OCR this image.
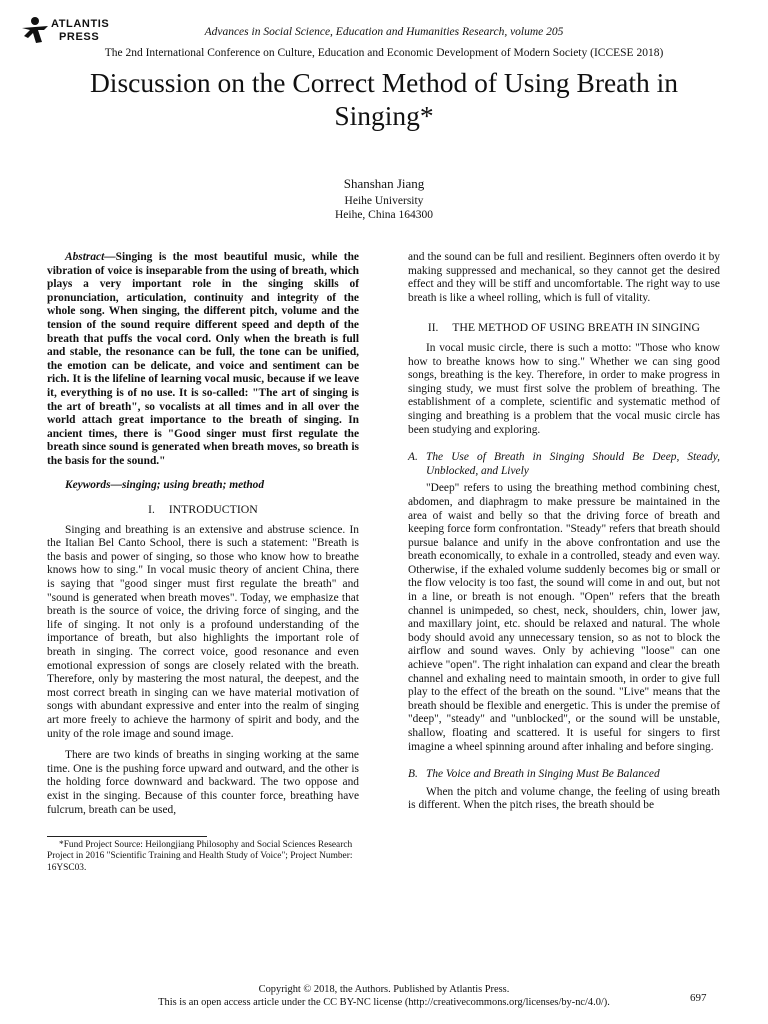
ATLANTIS
PRESS	Advances in Social Science, Education and Humanities Research, volume 205
The 2nd International Conference on Culture, Education and Economic Development of Modern Society (ICCESE 2018)
Discussion on the Correct Method of Using Breath in Singing*
Shanshan Jiang
Heihe University
Heihe, China 164300

Abstract—Singing is the most beautiful music, while the vibration of voice is inseparable from the using of breath, which plays a very important role in the singing skills of pronunciation, articulation, continuity and integrity of the whole song. When singing, the different pitch, volume and the tension of the sound require different speed and depth of the breath that puffs the vocal cord. Only when the breath is full and stable, the resonance can be full, the tone can be unified, the emotion can be delicate, and voice and sentiment can be rich. It is the lifeline of learning vocal music, because if we leave it, everything is of no use. It is so-called: "The art of singing is the art of breath", so vocalists at all times and in all over the world attach great importance to the breath of singing. In ancient times, there is "Good singer must first regulate the breath since sound is generated when breath moves, so breath is the basis for the sound."

Keywords—singing; using breath; method

I. INTRODUCTION

Singing and breathing is an extensive and abstruse science. In the Italian Bel Canto School, there is such a statement: "Breath is the basis and power of singing, so those who know how to breathe knows how to sing." In vocal music theory of ancient China, there is saying that "good singer must first regulate the breath" and "sound is generated when breath moves". Today, we emphasize that breath is the source of voice, the driving force of singing, and the life of singing. It not only is a profound understanding of the importance of breath, but also highlights the important role of breath in singing. The correct voice, good resonance and even emotional expression of songs are closely related with the breath. Therefore, only by mastering the most natural, the deepest, and the most correct breath in singing can we have material motivation of songs with abundant expressive and enter into the realm of singing art more freely to achieve the harmony of spirit and body, and the unity of the role image and sound image.

There are two kinds of breaths in singing working at the same time. One is the pushing force upward and outward, and the other is the holding force downward and backward. The two oppose and exist in the singing. Because of this counter force, breathing have fulcrum, breath can be used,

*Fund Project Source: Heilongjiang Philosophy and Social Sciences Research Project in 2016 "Scientific Training and Health Study of Voice"; Project Number: 16YSC03.

and the sound can be full and resilient. Beginners often overdo it by making suppressed and mechanical, so they cannot get the desired effect and they will be stiff and uncomfortable. The right way to use breath is like a wheel rolling, which is full of vitality.

II. THE METHOD OF USING BREATH IN SINGING

In vocal music circle, there is such a motto: "Those who know how to breathe knows how to sing." Whether we can sing good songs, breathing is the key. Therefore, in order to make progress in singing study, we must first solve the problem of breathing. The establishment of a complete, scientific and systematic method of singing and breathing is a problem that the vocal music circle has been studying and exploring.

A. The Use of Breath in Singing Should Be Deep, Steady, Unblocked, and Lively

"Deep" refers to using the breathing method combining chest, abdomen, and diaphragm to make pressure be maintained in the area of waist and belly so that the driving force of breath and keeping force form confrontation. "Steady" refers that breath should pursue balance and unify in the above confrontation and use the breath economically, to exhale in a controlled, steady and even way. Otherwise, if the exhaled volume suddenly becomes big or small or the flow velocity is too fast, the sound will come in and out, but not in a line, or breath is not enough. "Open" refers that the breath channel is unimpeded, so chest, neck, shoulders, chin, lower jaw, and maxillary joint, etc. should be relaxed and natural. The whole body should avoid any unnecessary tension, so as not to block the airflow and sound waves. Only by achieving "loose" can one achieve "open". The right inhalation can expand and clear the breath channel and exhaling need to maintain smooth, in order to give full play to the effect of the breath on the sound. "Live" means that the breath should be flexible and energetic. This is under the premise of "deep", "steady" and "unblocked", or the sound will be unstable, shallow, floating and scattered. It is useful for singers to first imagine a wheel spinning around after inhaling and before singing.

B. The Voice and Breath in Singing Must Be Balanced

When the pitch and volume change, the feeling of using breath is different. When the pitch rises, the breath should be

Copyright © 2018, the Authors. Published by Atlantis Press.
This is an open access article under the CC BY-NC license (http://creativecommons.org/licenses/by-nc/4.0/).	697
